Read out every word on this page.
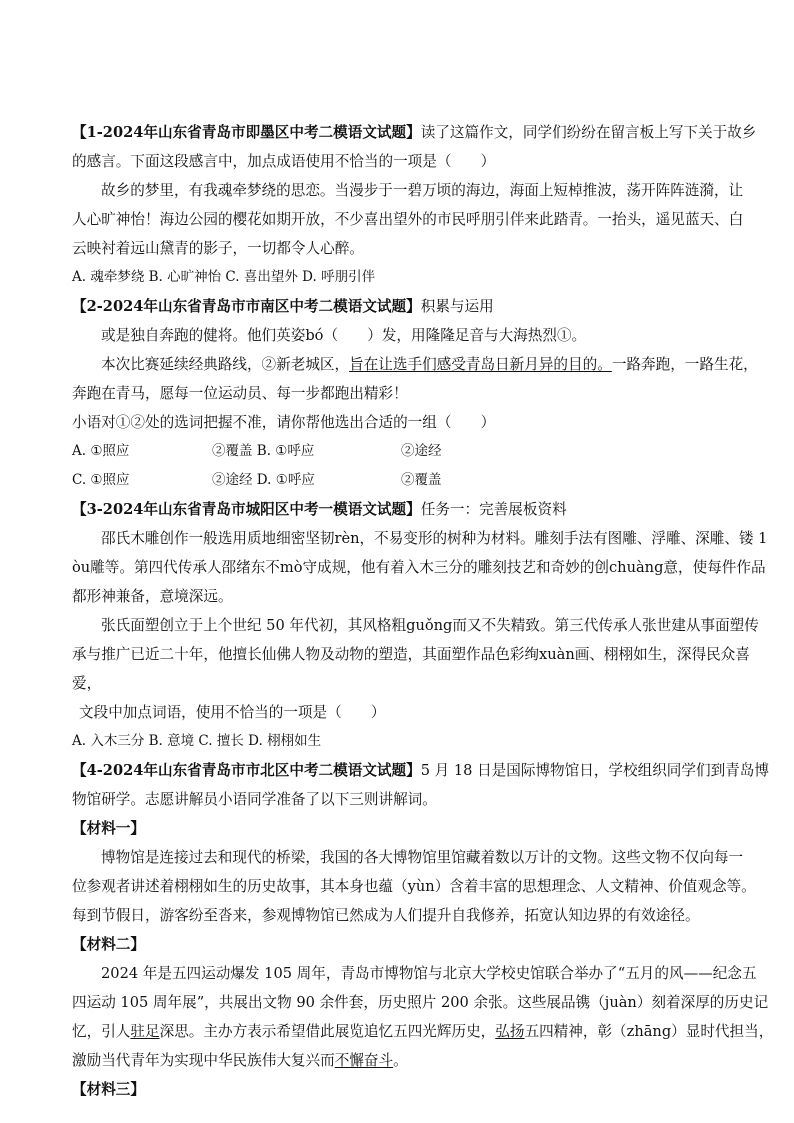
【1-2024年山东省青岛市即墨区中考二模语文试题】读了这篇作文，同学们纷纷在留言板上写下关于故乡
的感言。下面这段感言中，加点成语使用不恰当的一项是（　　）
故乡的梦里，有我魂牵梦绕的思恋。当漫步于一碧万顷的海边，海面上短棹推波，荡开阵阵涟漪，让
人心旷神怡！海边公园的樱花如期开放，不少喜出望外的市民呼朋引伴来此踏青。一抬头，遥见蓝天、白
云映衬着远山黛青的影子，一切都令人心醉。
A. 魂牵梦绕 B. 心旷神怡 C. 喜出望外 D. 呼朋引伴
【2-2024年山东省青岛市市南区中考二模语文试题】积累与运用
或是独自奔跑的健将。他们英姿bó（　　）发，用隆隆足音与大海热烈①。
本次比赛延续经典路线，②新老城区，旨在让选手们感受青岛日新月异的目的。一路奔跑，一路生花，
奔跑在青马，愿每一位运动员、每一步都跑出精彩！
小语对①②处的选词把握不准，请你帮他选出合适的一组（　　）
A. ①照应	②覆盖 B. ①呼应	②途经
C. ①照应	②途经 D. ①呼应	②覆盖
【3-2024年山东省青岛市城阳区中考一模语文试题】任务一：完善展板资料
邵氏木雕创作一般选用质地细密坚韧rèn，不易变形的树种为材料。雕刻手法有图雕、浮雕、深雕、镂 1
òu雕等。第四代传承人邵绪东不mò守成规，他有着入木三分的雕刻技艺和奇妙的创chuàng意，使每件作品
都形神兼备，意境深远。
张氏面塑创立于上个世纪 50 年代初，其风格粗guǒng而又不失精致。第三代传承人张世建从事面塑传
承与推广已近二十年，他擅长仙佛人物及动物的塑造，其面塑作品色彩绚xuàn画、栩栩如生，深得民众喜
爱，
文段中加点词语，使用不恰当的一项是（　　）
A. 入木三分 B. 意境 C. 擅长 D. 栩栩如生
【4-2024年山东省青岛市市北区中考二模语文试题】5 月 18 日是国际博物馆日，学校组织同学们到青岛博
物馆研学。志愿讲解员小语同学准备了以下三则讲解词。
【材料一】
博物馆是连接过去和现代的桥梁，我国的各大博物馆里馆藏着数以万计的文物。这些文物不仅向每一
位参观者讲述着栩栩如生的历史故事，其本身也蕴（yùn）含着丰富的思想理念、人文精神、价值观念等。
每到节假日，游客纷至沓来，参观博物馆已然成为人们提升自我修养，拓宽认知边界的有效途径。
【材料二】
2024 年是五四运动爆发 105 周年，青岛市博物馆与北京大学校史馆联合举办了“五月的风——纪念五
四运动 105 周年展”，共展出文物 90 余件套，历史照片 200 余张。这些展品镌（juàn）刻着深厚的历史记
忆，引人驻足深思。主办方表示希望借此展览追忆五四光辉历史，弘扬五四精神，彰（zhāng）显时代担当，
激励当代青年为实现中华民族伟大复兴而不懈奋斗。
【材料三】
